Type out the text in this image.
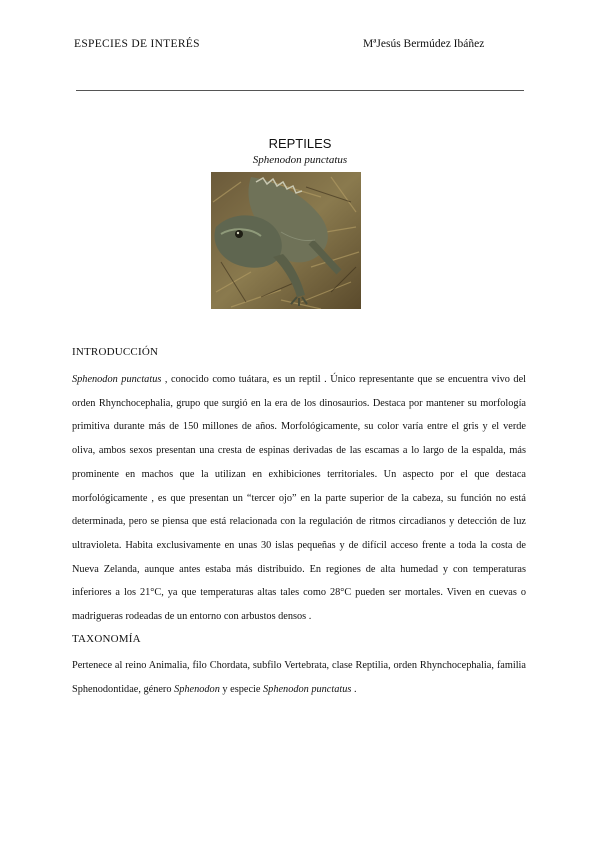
ESPECIES DE INTERÉS	MªJesús Bermúdez Ibáñez
REPTILES
Sphenodon punctatus
INTRODUCCIÓN
Sphenodon punctatus , conocido como tuátara, es un reptil . Único representante que se encuentra vivo del orden Rhynchocephalia, grupo que surgió en la era de los dinosaurios. Destaca por mantener su morfología primitiva durante más de 150 millones de años. Morfológicamente, su color varía entre el gris y el verde oliva, ambos sexos presentan una cresta de espinas derivadas de las escamas a lo largo de la espalda, más prominente en machos que la utilizan en exhibiciones territoriales. Un aspecto por el que destaca morfológicamente , es que presentan un “tercer ojo” en la parte superior de la cabeza, su función no está determinada, pero se piensa que está relacionada con la regulación de ritmos circadianos y detección de luz ultravioleta. Habita exclusivamente en unas 30 islas pequeñas y de difícil acceso frente a toda la costa de Nueva Zelanda, aunque antes estaba más distribuido. En regiones de alta humedad y con temperaturas inferiores a los 21°C, ya que temperaturas altas tales como 28°C pueden ser mortales. Viven en cuevas o madrigueras rodeadas de un entorno con arbustos densos .
TAXONOMÍA
Pertenece al reino Animalia, filo Chordata, subfilo Vertebrata, clase Reptilia, orden Rhynchocephalia, familia Sphenodontidae, género Sphenodon y especie Sphenodon punctatus .
